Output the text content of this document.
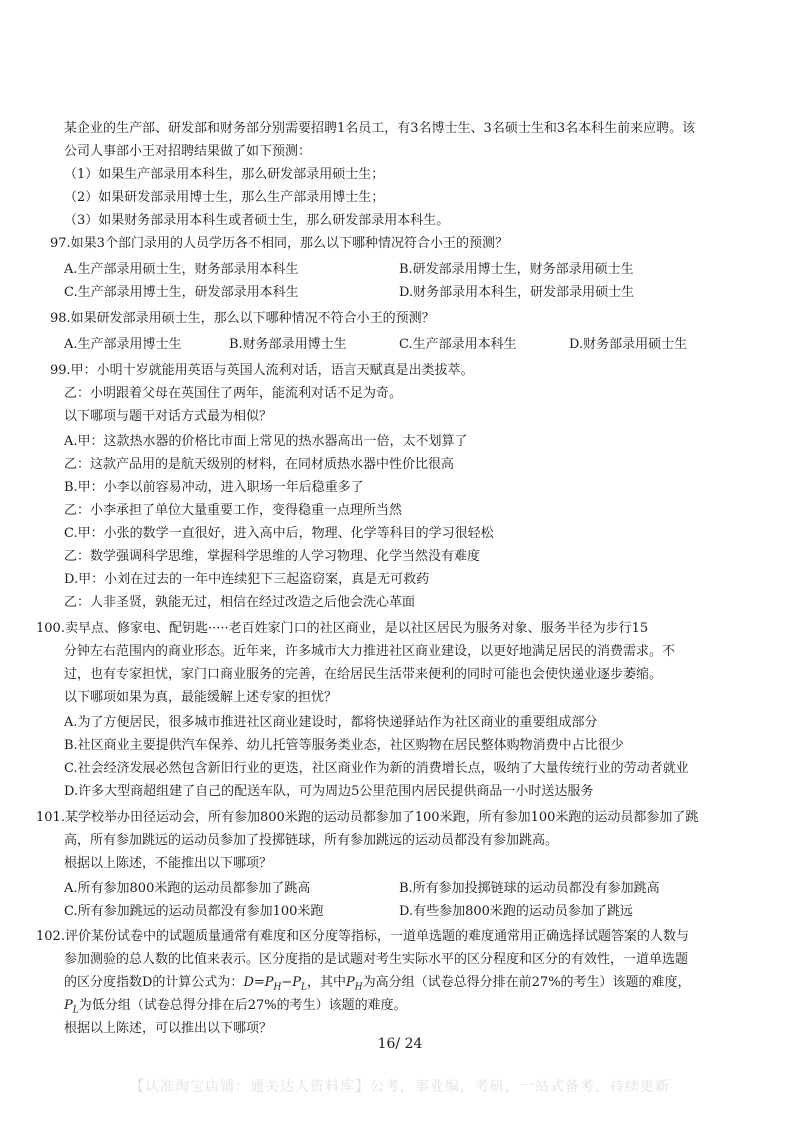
某企业的生产部、研发部和财务部分别需要招聘1名员工，有3名博士生、3名硕士生和3名本科生前来应聘。该
公司人事部小王对招聘结果做了如下预测：
（1）如果生产部录用本科生，那么研发部录用硕士生；
（2）如果研发部录用博士生，那么生产部录用博士生；
（3）如果财务部录用本科生或者硕士生，那么研发部录用本科生。
97.如果3个部门录用的人员学历各不相同，那么以下哪种情况符合小王的预测？
A.生产部录用硕士生，财务部录用本科生	B.研发部录用博士生，财务部录用硕士生
C.生产部录用博士生，研发部录用本科生	D.财务部录用本科生，研发部录用硕士生
98.如果研发部录用硕士生，那么以下哪种情况不符合小王的预测？
A.生产部录用博士生	B.财务部录用博士生	C.生产部录用本科生	D.财务部录用硕士生
99.甲：小明十岁就能用英语与英国人流利对话，语言天赋真是出类拔萃。
乙：小明跟着父母在英国住了两年，能流利对话不足为奇。
以下哪项与题干对话方式最为相似？
A.甲：这款热水器的价格比市面上常见的热水器高出一倍，太不划算了
乙：这款产品用的是航天级别的材料，在同材质热水器中性价比很高
B.甲：小李以前容易冲动，进入职场一年后稳重多了
乙：小李承担了单位大量重要工作，变得稳重一点理所当然
C.甲：小张的数学一直很好，进入高中后，物理、化学等科目的学习很轻松
乙：数学强调科学思维，掌握科学思维的人学习物理、化学当然没有难度
D.甲：小刘在过去的一年中连续犯下三起盗窃案，真是无可救药
乙：人非圣贤，孰能无过，相信在经过改造之后他会洗心革面
100.卖早点、修家电、配钥匙·····老百姓家门口的社区商业，是以社区居民为服务对象、服务半径为步行15
分钟左右范围内的商业形态。近年来，许多城市大力推进社区商业建设，以更好地满足居民的消费需求。不
过，也有专家担忧，家门口商业服务的完善，在给居民生活带来便利的同时可能也会使快递业逐步萎缩。
以下哪项如果为真，最能缓解上述专家的担忧？
A.为了方便居民，很多城市推进社区商业建设时，都将快递驿站作为社区商业的重要组成部分
B.社区商业主要提供汽车保养、幼儿托管等服务类业态，社区购物在居民整体购物消费中占比很少
C.社会经济发展必然包含新旧行业的更迭，社区商业作为新的消费增长点，吸纳了大量传统行业的劳动者就业
D.许多大型商超组建了自己的配送车队，可为周边5公里范围内居民提供商品一小时送达服务
101.某学校举办田径运动会，所有参加800米跑的运动员都参加了100米跑，所有参加100米跑的运动员都参加了跳
高，所有参加跳远的运动员参加了投掷链球，所有参加跳远的运动员都没有参加跳高。
根据以上陈述，不能推出以下哪项？
A.所有参加800米跑的运动员都参加了跳高	B.所有参加投掷链球的运动员都没有参加跳高
C.所有参加跳远的运动员都没有参加100米跑	D.有些参加800米跑的运动员参加了跳远
102.评价某份试卷中的试题质量通常有难度和区分度等指标，一道单选题的难度通常用正确选择试题答案的人数与
参加测验的总人数的比值来表示。区分度指的是试题对考生实际水平的区分程度和区分的有效性，一道单选题
的区分度指数D的计算公式为：$D=P_H-P_L$，其中$P_H$为高分组（试卷总得分排在前27%的考生）该题的难度，
$P_L$为低分组（试卷总得分排在后27%的考生）该题的难度。
根据以上陈述，可以推出以下哪项？
16/ 24
【认准淘宝店铺：通关达人资料库】公考，事业编，考研，一站式备考，持续更新
